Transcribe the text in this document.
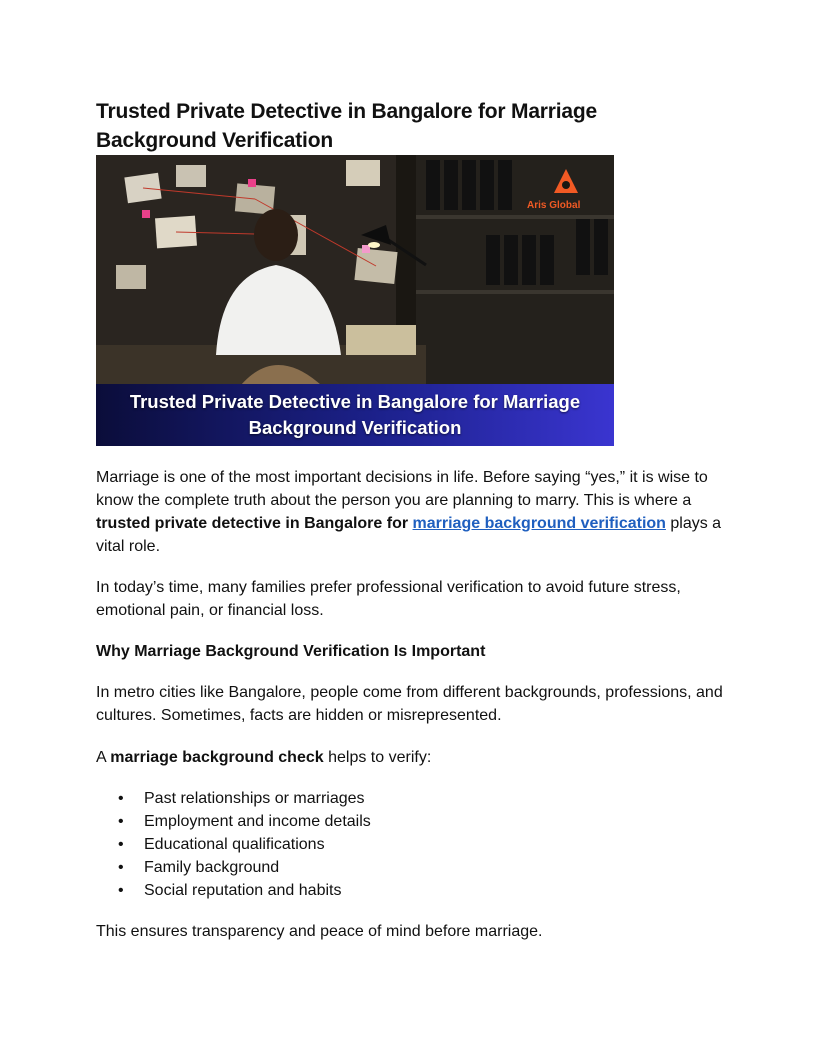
Trusted Private Detective in Bangalore for Marriage Background Verification
Aris Global
Trusted Private Detective in Bangalore for Marriage
Background Verification

Marriage is one of the most important decisions in life. Before saying “yes,” it is wise to know the complete truth about the person you are planning to marry. This is where a trusted private detective in Bangalore for marriage background verification plays a vital role.

In today’s time, many families prefer professional verification to avoid future stress, emotional pain, or financial loss.

Why Marriage Background Verification Is Important

In metro cities like Bangalore, people come from different backgrounds, professions, and cultures. Sometimes, facts are hidden or misrepresented.

A marriage background check helps to verify:

• Past relationships or marriages
• Employment and income details
• Educational qualifications
• Family background
• Social reputation and habits

This ensures transparency and peace of mind before marriage.
